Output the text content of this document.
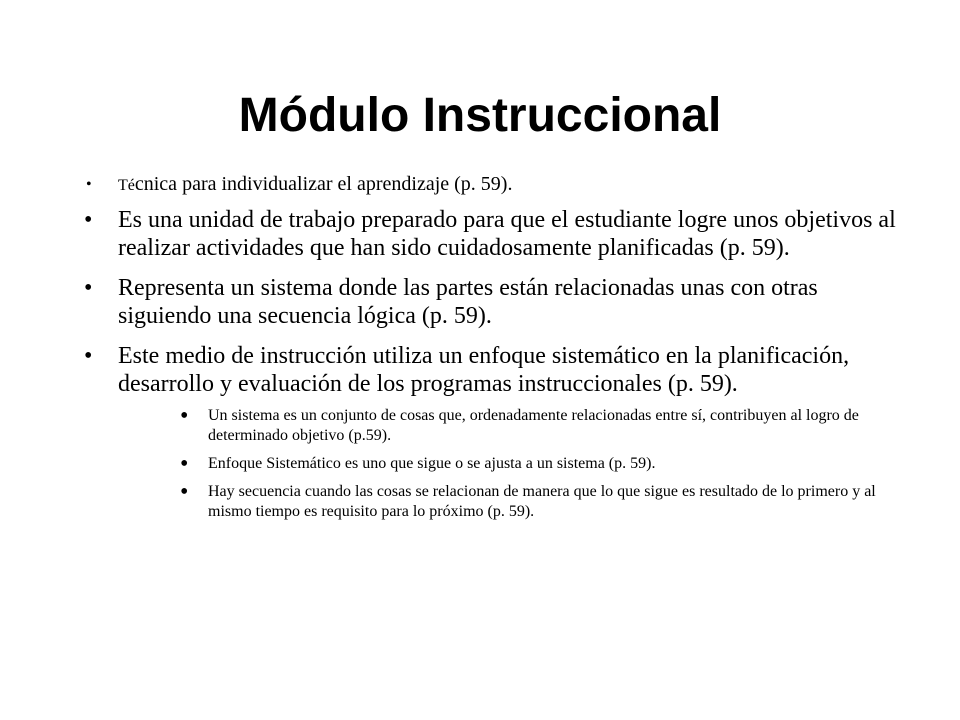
Módulo Instruccional
• Técnica para individualizar el aprendizaje (p. 59).
• Es una unidad de trabajo preparado para que el estudiante logre unos objetivos al realizar actividades que han sido cuidadosamente planificadas (p. 59).
• Representa un sistema donde las partes están relacionadas unas con otras siguiendo una secuencia lógica (p. 59).
• Este medio de instrucción utiliza un enfoque sistemático en la planificación, desarrollo y evaluación de los programas instruccionales (p. 59).
• Un sistema es un conjunto de cosas que, ordenadamente relacionadas entre sí, contribuyen al logro de determinado objetivo (p.59).
• Enfoque Sistemático es uno que sigue o se ajusta a un sistema (p. 59).
• Hay secuencia cuando las cosas se relacionan de manera que lo que sigue es resultado de lo primero y al mismo tiempo es requisito para lo próximo (p. 59).
